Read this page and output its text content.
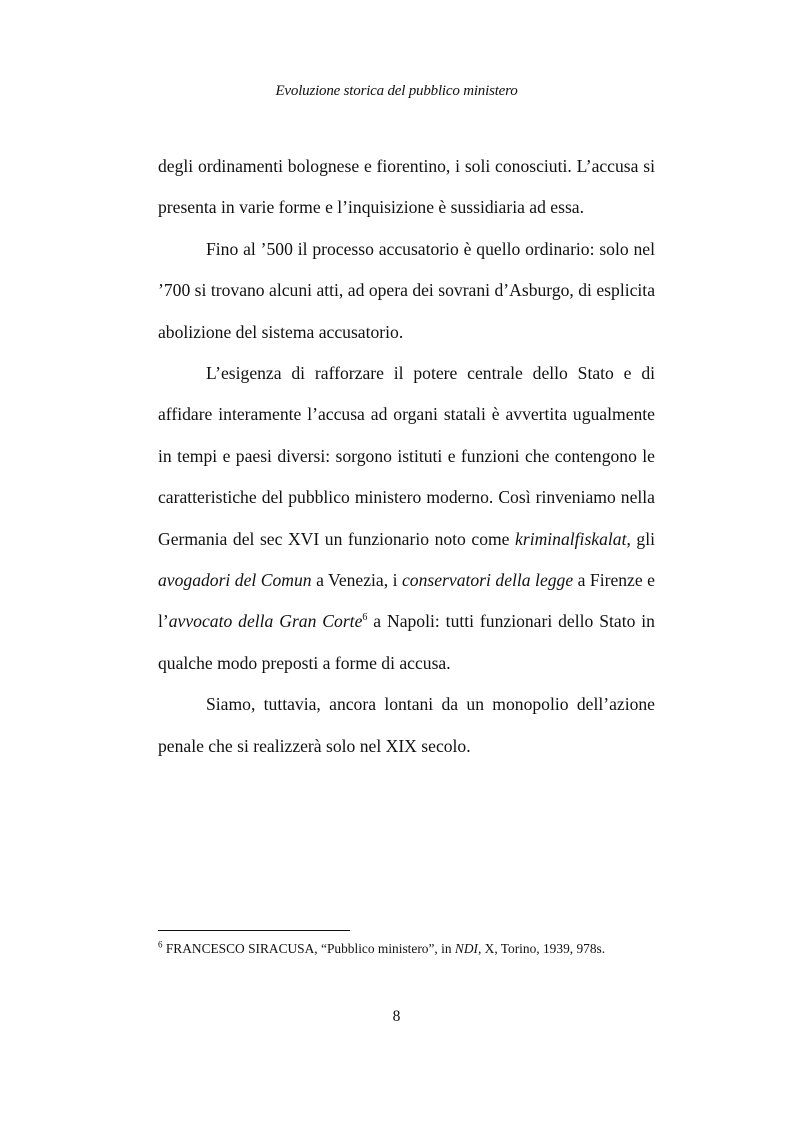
Evoluzione storica del pubblico ministero

degli ordinamenti bolognese e fiorentino, i soli conosciuti. L’accusa si presenta in varie forme e l’inquisizione è sussidiaria ad essa.

Fino al ’500 il processo accusatorio è quello ordinario: solo nel ’700 si trovano alcuni atti, ad opera dei sovrani d’Asburgo, di esplicita abolizione del sistema accusatorio.

L’esigenza di rafforzare il potere centrale dello Stato e di affidare interamente l’accusa ad organi statali è avvertita ugualmente in tempi e paesi diversi: sorgono istituti e funzioni che contengono le caratteristiche del pubblico ministero moderno. Così rinveniamo nella Germania del sec XVI un funzionario noto come kriminalfiskalat, gli avogadori del Comun a Venezia, i conservatori della legge a Firenze e l’avvocato della Gran Corte$^6$ a Napoli: tutti funzionari dello Stato in qualche modo preposti a forme di accusa.

Siamo, tuttavia, ancora lontani da un monopolio dell’azione penale che si realizzerà solo nel XIX secolo.

$^6$ FRANCESCO SIRACUSA, “Pubblico ministero”, in NDI, X, Torino, 1939, 978s.
8
